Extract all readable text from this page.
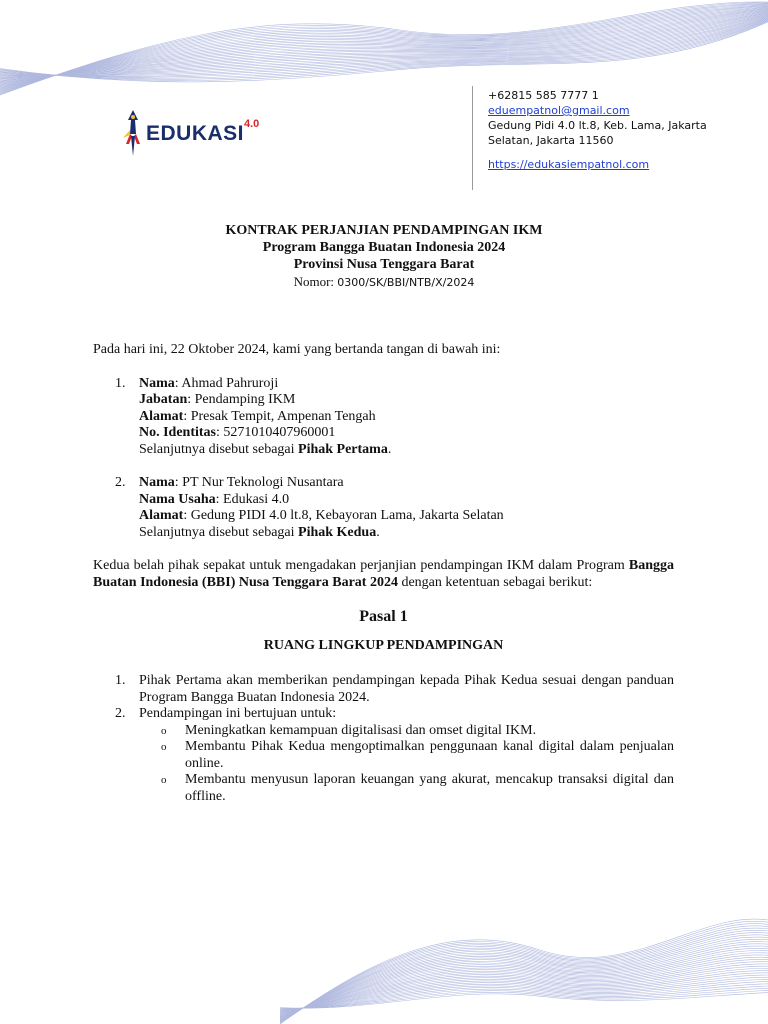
EDUKASI 4.0
+62815 585 7777 1
eduempatnol@gmail.com
Gedung Pidi 4.0 lt.8, Keb. Lama, Jakarta
Selatan, Jakarta 11560
https://edukasiempatnol.com
KONTRAK PERJANJIAN PENDAMPINGAN IKM
Program Bangga Buatan Indonesia 2024
Provinsi Nusa Tenggara Barat
Nomor: 0300/SK/BBI/NTB/X/2024

Pada hari ini, 22 Oktober 2024, kami yang bertanda tangan di bawah ini:

1. Nama: Ahmad Pahruroji
Jabatan: Pendamping IKM
Alamat: Presak Tempit, Ampenan Tengah
No. Identitas: 5271010407960001
Selanjutnya disebut sebagai Pihak Pertama.
2. Nama: PT Nur Teknologi Nusantara
Nama Usaha: Edukasi 4.0
Alamat: Gedung PIDI 4.0 lt.8, Kebayoran Lama, Jakarta Selatan
Selanjutnya disebut sebagai Pihak Kedua.

Kedua belah pihak sepakat untuk mengadakan perjanjian pendampingan IKM dalam Program Bangga Buatan Indonesia (BBI) Nusa Tenggara Barat 2024 dengan ketentuan sebagai berikut:

Pasal 1
RUANG LINGKUP PENDAMPINGAN
1. Pihak Pertama akan memberikan pendampingan kepada Pihak Kedua sesuai dengan panduan Program Bangga Buatan Indonesia 2024.
2. Pendampingan ini bertujuan untuk:
o Meningkatkan kemampuan digitalisasi dan omset digital IKM.
o Membantu Pihak Kedua mengoptimalkan penggunaan kanal digital dalam penjualan online.
o Membantu menyusun laporan keuangan yang akurat, mencakup transaksi digital dan offline.
